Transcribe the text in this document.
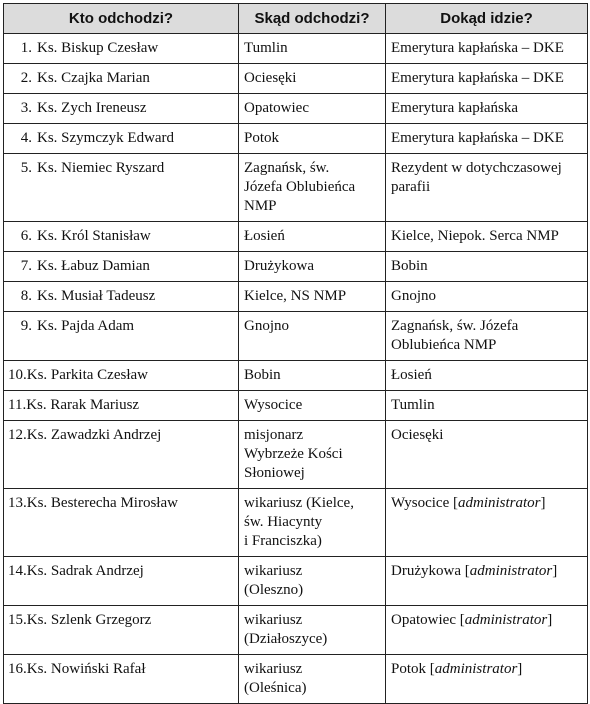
Kto odchodzi?	Skąd odchodzi?	Dokąd idzie?
1. Ks. Biskup Czesław	Tumlin	Emerytura kapłańska – DKE
2. Ks. Czajka Marian	Ociesęki	Emerytura kapłańska – DKE
3. Ks. Zych Ireneusz	Opatowiec	Emerytura kapłańska
4. Ks. Szymczyk Edward	Potok	Emerytura kapłańska – DKE
5. Ks. Niemiec Ryszard	Zagnańsk, św.
Józefa Oblubieńca
NMP	Rezydent w dotychczasowej
parafii
6. Ks. Król Stanisław	Łosień	Kielce, Niepok. Serca NMP
7. Ks. Łabuz Damian	Drużykowa	Bobin
8. Ks. Musiał Tadeusz	Kielce, NS NMP	Gnojno
9. Ks. Pajda Adam	Gnojno	Zagnańsk, św. Józefa
Oblubieńca NMP
10.Ks. Parkita Czesław	Bobin	Łosień
11.Ks. Rarak Mariusz	Wysocice	Tumlin
12.Ks. Zawadzki Andrzej	misjonarz
Wybrzeże Kości
Słoniowej	Ociesęki
13.Ks. Besterecha Mirosław	wikariusz (Kielce,
św. Hiacynty
i Franciszka)	Wysocice [administrator]
14.Ks. Sadrak Andrzej	wikariusz
(Oleszno)	Drużykowa [administrator]
15.Ks. Szlenk Grzegorz	wikariusz
(Działoszyce)	Opatowiec [administrator]
16.Ks. Nowiński Rafał	wikariusz
(Oleśnica)	Potok [administrator]
